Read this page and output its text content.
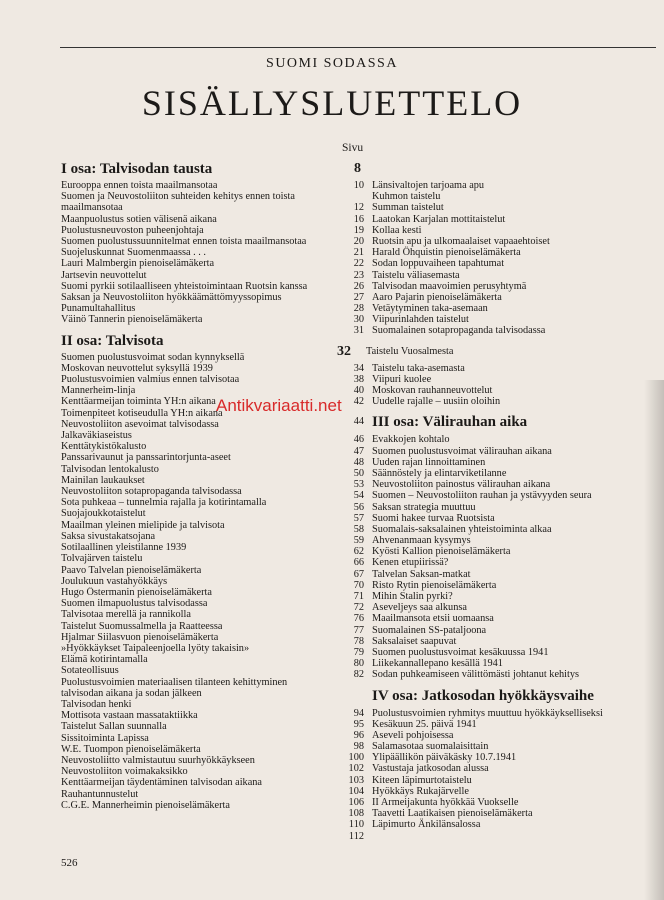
SUOMI SODASSA
SISÄLLYSLUETTELO
Sivu
I osa: Talvisodan tausta
Eurooppa ennen toista maailmansotaa
Suomen ja Neuvostoliiton suhteiden kehitys ennen toista
maailmansotaa
Maanpuolustus sotien välisenä aikana
Puolustusneuvoston puheenjohtaja
Suomen puolustussuunnitelmat ennen toista maailmansotaa
Suojeluskunnat Suomenmaassa . . .
Lauri Malmbergin pienoiselämäkerta
Jartsevin neuvottelut
Suomi pyrkii sotilaalliseen yhteistoimintaan Ruotsin kanssa
Saksan ja Neuvostoliiton hyökkäämättömyyssopimus
Punamultahallitus
Väinö Tannerin pienoiselämäkerta
II osa: Talvisota
Suomen puolustusvoimat sodan kynnyksellä
Moskovan neuvottelut syksyllä 1939
Puolustusvoimien valmius ennen talvisotaa
Mannerheim-linja
Kenttäarmeijan toiminta YH:n aikana
Toimenpiteet kotiseudulla YH:n aikana
Neuvostoliiton asevoimat talvisodassa
Jalkaväkiaseistus
Kenttätykistökalusto
Panssarivaunut ja panssarintorjunta-aseet
Talvisodan lentokalusto
Mainilan laukaukset
Neuvostoliiton sotapropaganda talvisodassa
Sota puhkeaa – tunnelmia rajalla ja kotirintamalla
Suojajoukkotaistelut
Maailman yleinen mielipide ja talvisota
Saksa sivustakatsojana
Sotilaallinen yleistilanne 1939
Tolvajärven taistelu
Paavo Talvelan pienoiselämäkerta
Joulukuun vastahyökkäys
Hugo Östermanin pienoiselämäkerta
Suomen ilmapuolustus talvisodassa
Talvisotaa merellä ja rannikolla
Taistelut Suomussalmella ja Raatteessa
Hjalmar Siilasvuon pienoiselämäkerta
»Hyökkäykset Taipaleenjoella lyöty takaisin»
Elämä kotirintamalla
Sotateollisuus
Puolustusvoimien materiaalisen tilanteen kehittyminen
talvisodan aikana ja sodan jälkeen
Talvisodan henki
Mottisota vastaan massataktiikka
Taistelut Sallan suunnalla
Sissitoiminta Lapissa
W.E. Tuompon pienoiselämäkerta
Neuvostoliitto valmistautuu suurhyökkäykseen
Neuvostoliiton voimakaksikko
Kenttäarmeijan täydentäminen talvisodan aikana
Rauhantunnustelut
C.G.E. Mannerheimin pienoiselämäkerta
8
10 Länsivaltojen tarjoama apu
Kuhmon taistelu
12 Summan taistelut
16 Laatokan Karjalan mottitaistelut
19 Kollaa kesti
20 Ruotsin apu ja ulkomaalaiset vapaaehtoiset
21 Harald Öhquistin pienoiselämäkerta
22 Sodan loppuvaiheen tapahtumat
23 Taistelu väliasemasta
26 Talvisodan maavoimien perusyhtymä
27 Aaro Pajarin pienoiselämäkerta
28 Vetäytyminen taka-asemaan
30 Viipurinlahden taistelut
31 Suomalainen sotapropaganda talvisodassa
32 Taistelu Vuosalmesta
34 Taistelu taka-asemasta
38 Viipuri kuolee
40 Moskovan rauhanneuvottelut
42 Uudelle rajalle – uusiin oloihin
44 III osa: Välirauhan aika
46 Evakkojen kohtalo
47 Suomen puolustusvoimat välirauhan aikana
48 Uuden rajan linnoittaminen
50 Säännöstely ja elintarviketilanne
53 Neuvostoliiton painostus välirauhan aikana
54 Suomen – Neuvostoliiton rauhan ja ystävyyden seura
56 Saksan strategia muuttuu
57 Suomi hakee turvaa Ruotsista
58 Suomalais-saksalainen yhteistoiminta alkaa
59 Ahvenanmaan kysymys
62 Kyösti Kallion pienoiselämäkerta
66 Kenen etupiirissä?
67 Talvelan Saksan-matkat
70 Risto Rytin pienoiselämäkerta
71 Mihin Stalin pyrki?
72 Aseveljeys saa alkunsa
76 Maailmansota etsii uomaansa
77 Suomalainen SS-pataljoona
78 Saksalaiset saapuvat
79 Suomen puolustusvoimat kesäkuussa 1941
80 Liikekannallepano kesällä 1941
82 Sodan puhkeamiseen välittömästi johtanut kehitys
IV osa: Jatkosodan hyökkäysvaihe
94 Puolustusvoimien ryhmitys muuttuu hyökkäykselliseksi
95 Kesäkuun 25. päivä 1941
96 Aseveli pohjoisessa
98 Salamasotaa suomalaisittain
100 Ylipäällikön päiväkäsky 10.7.1941
102 Vastustaja jatkosodan alussa
103 Kiteen läpimurtotaistelu
104 Hyökkäys Rukajärvelle
106 II Armeijakunta hyökkää Vuokselle
108 Taavetti Laatikaisen pienoiselämäkerta
110 Läpimurto Änkilänsalossa
112
Antikvariaatti.net
526
